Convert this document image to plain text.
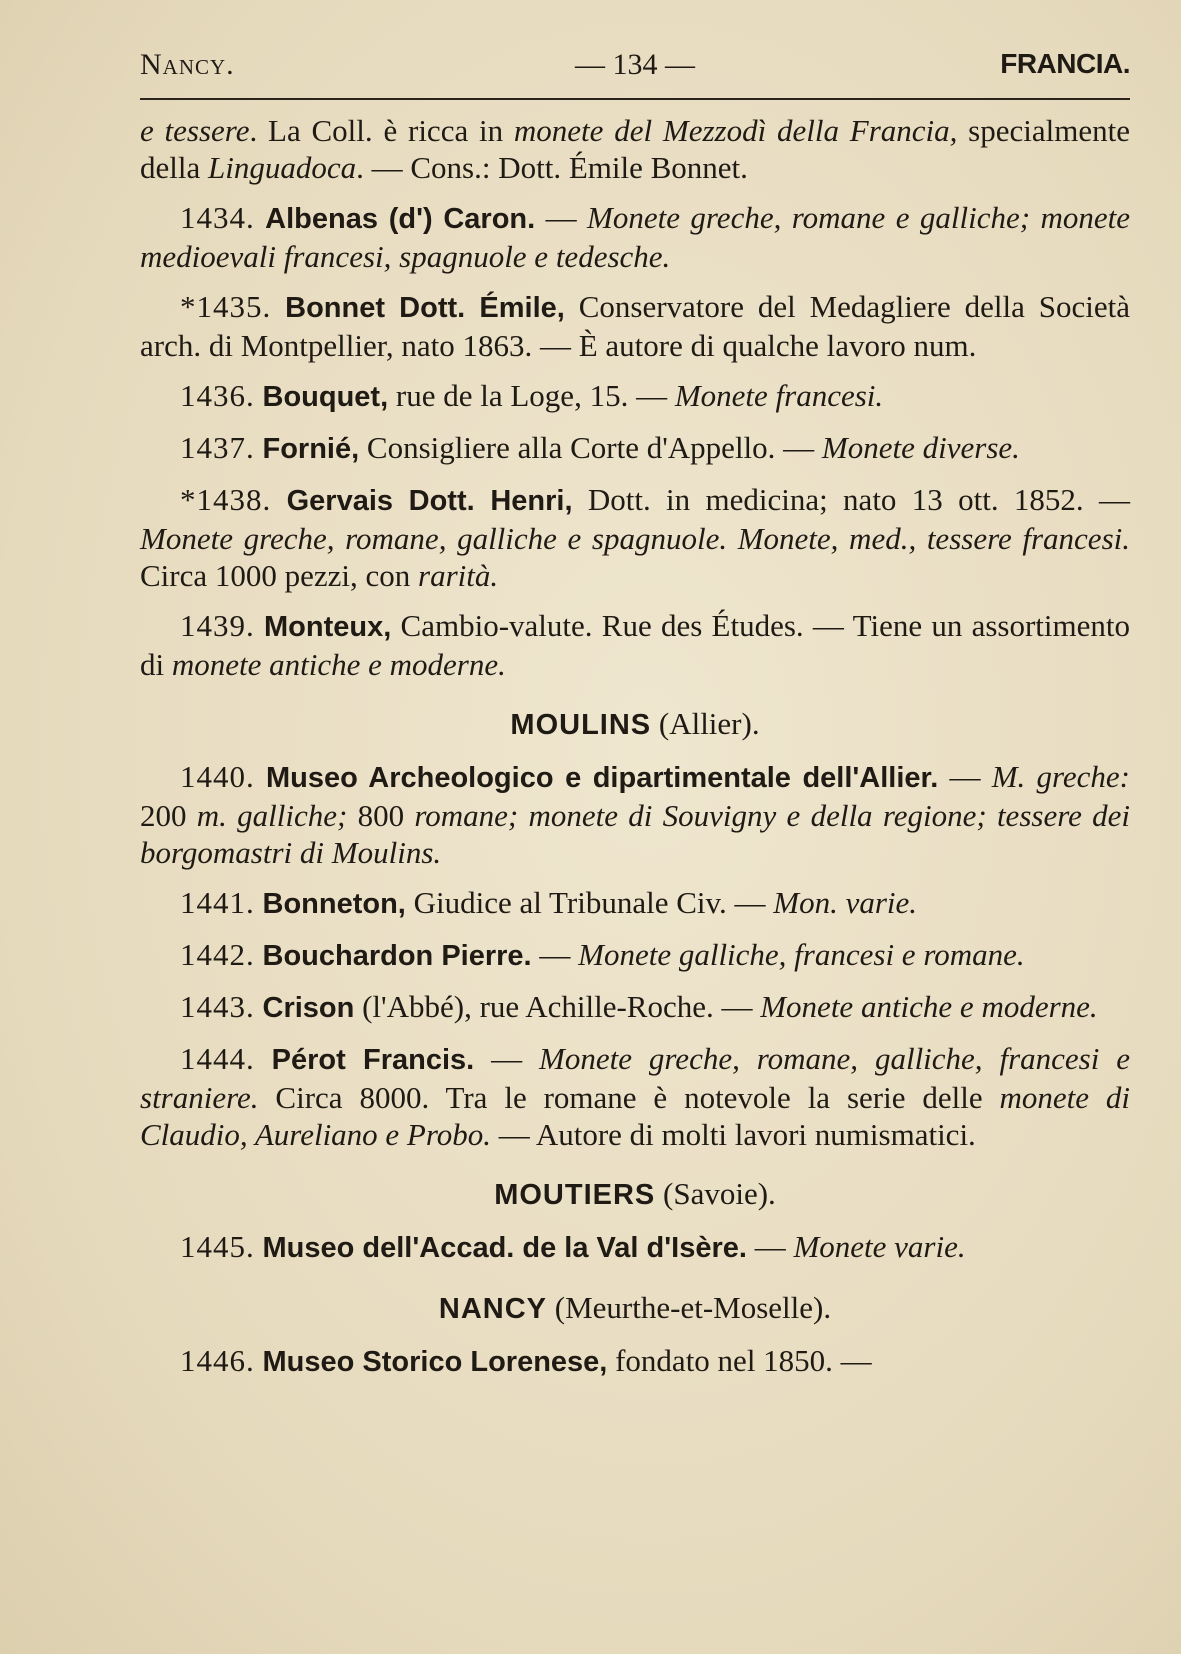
Nancy.	— 134 —	FRANCIA.

e tessere. La Coll. è ricca in monete del Mezzodì della Francia, specialmente della Linguadoca. — Cons.: Dott. Émile Bonnet.

1434. Albenas (d') Caron. — Monete greche, romane e galliche; monete medioevali francesi, spagnuole e tedesche.

*1435. Bonnet Dott. Émile, Conservatore del Medagliere della Società arch. di Montpellier, nato 1863. — È autore di qualche lavoro num.

1436. Bouquet, rue de la Loge, 15. — Monete francesi.

1437. Fornié, Consigliere alla Corte d'Appello. — Monete diverse.

*1438. Gervais Dott. Henri, Dott. in medicina; nato 13 ott. 1852. — Monete greche, romane, galliche e spagnuole. Monete, med., tessere francesi. Circa 1000 pezzi, con rarità.

1439. Monteux, Cambio-valute. Rue des Études. — Tiene un assortimento di monete antiche e moderne.

MOULINS (Allier).

1440. Museo Archeologico e dipartimentale dell'Allier. — M. greche: 200 m. galliche; 800 romane; monete di Souvigny e della regione; tessere dei borgomastri di Moulins.

1441. Bonneton, Giudice al Tribunale Civ. — Mon. varie.

1442. Bouchardon Pierre. — Monete galliche, francesi e romane.

1443. Crison (l'Abbé), rue Achille-Roche. — Monete antiche e moderne.

1444. Pérot Francis. — Monete greche, romane, galliche, francesi e straniere. Circa 8000. Tra le romane è notevole la serie delle monete di Claudio, Aureliano e Probo. — Autore di molti lavori numismatici.

MOUTIERS (Savoie).

1445. Museo dell'Accad. de la Val d'Isère. — Monete varie.

NANCY (Meurthe-et-Moselle).

1446. Museo Storico Lorenese, fondato nel 1850. —
